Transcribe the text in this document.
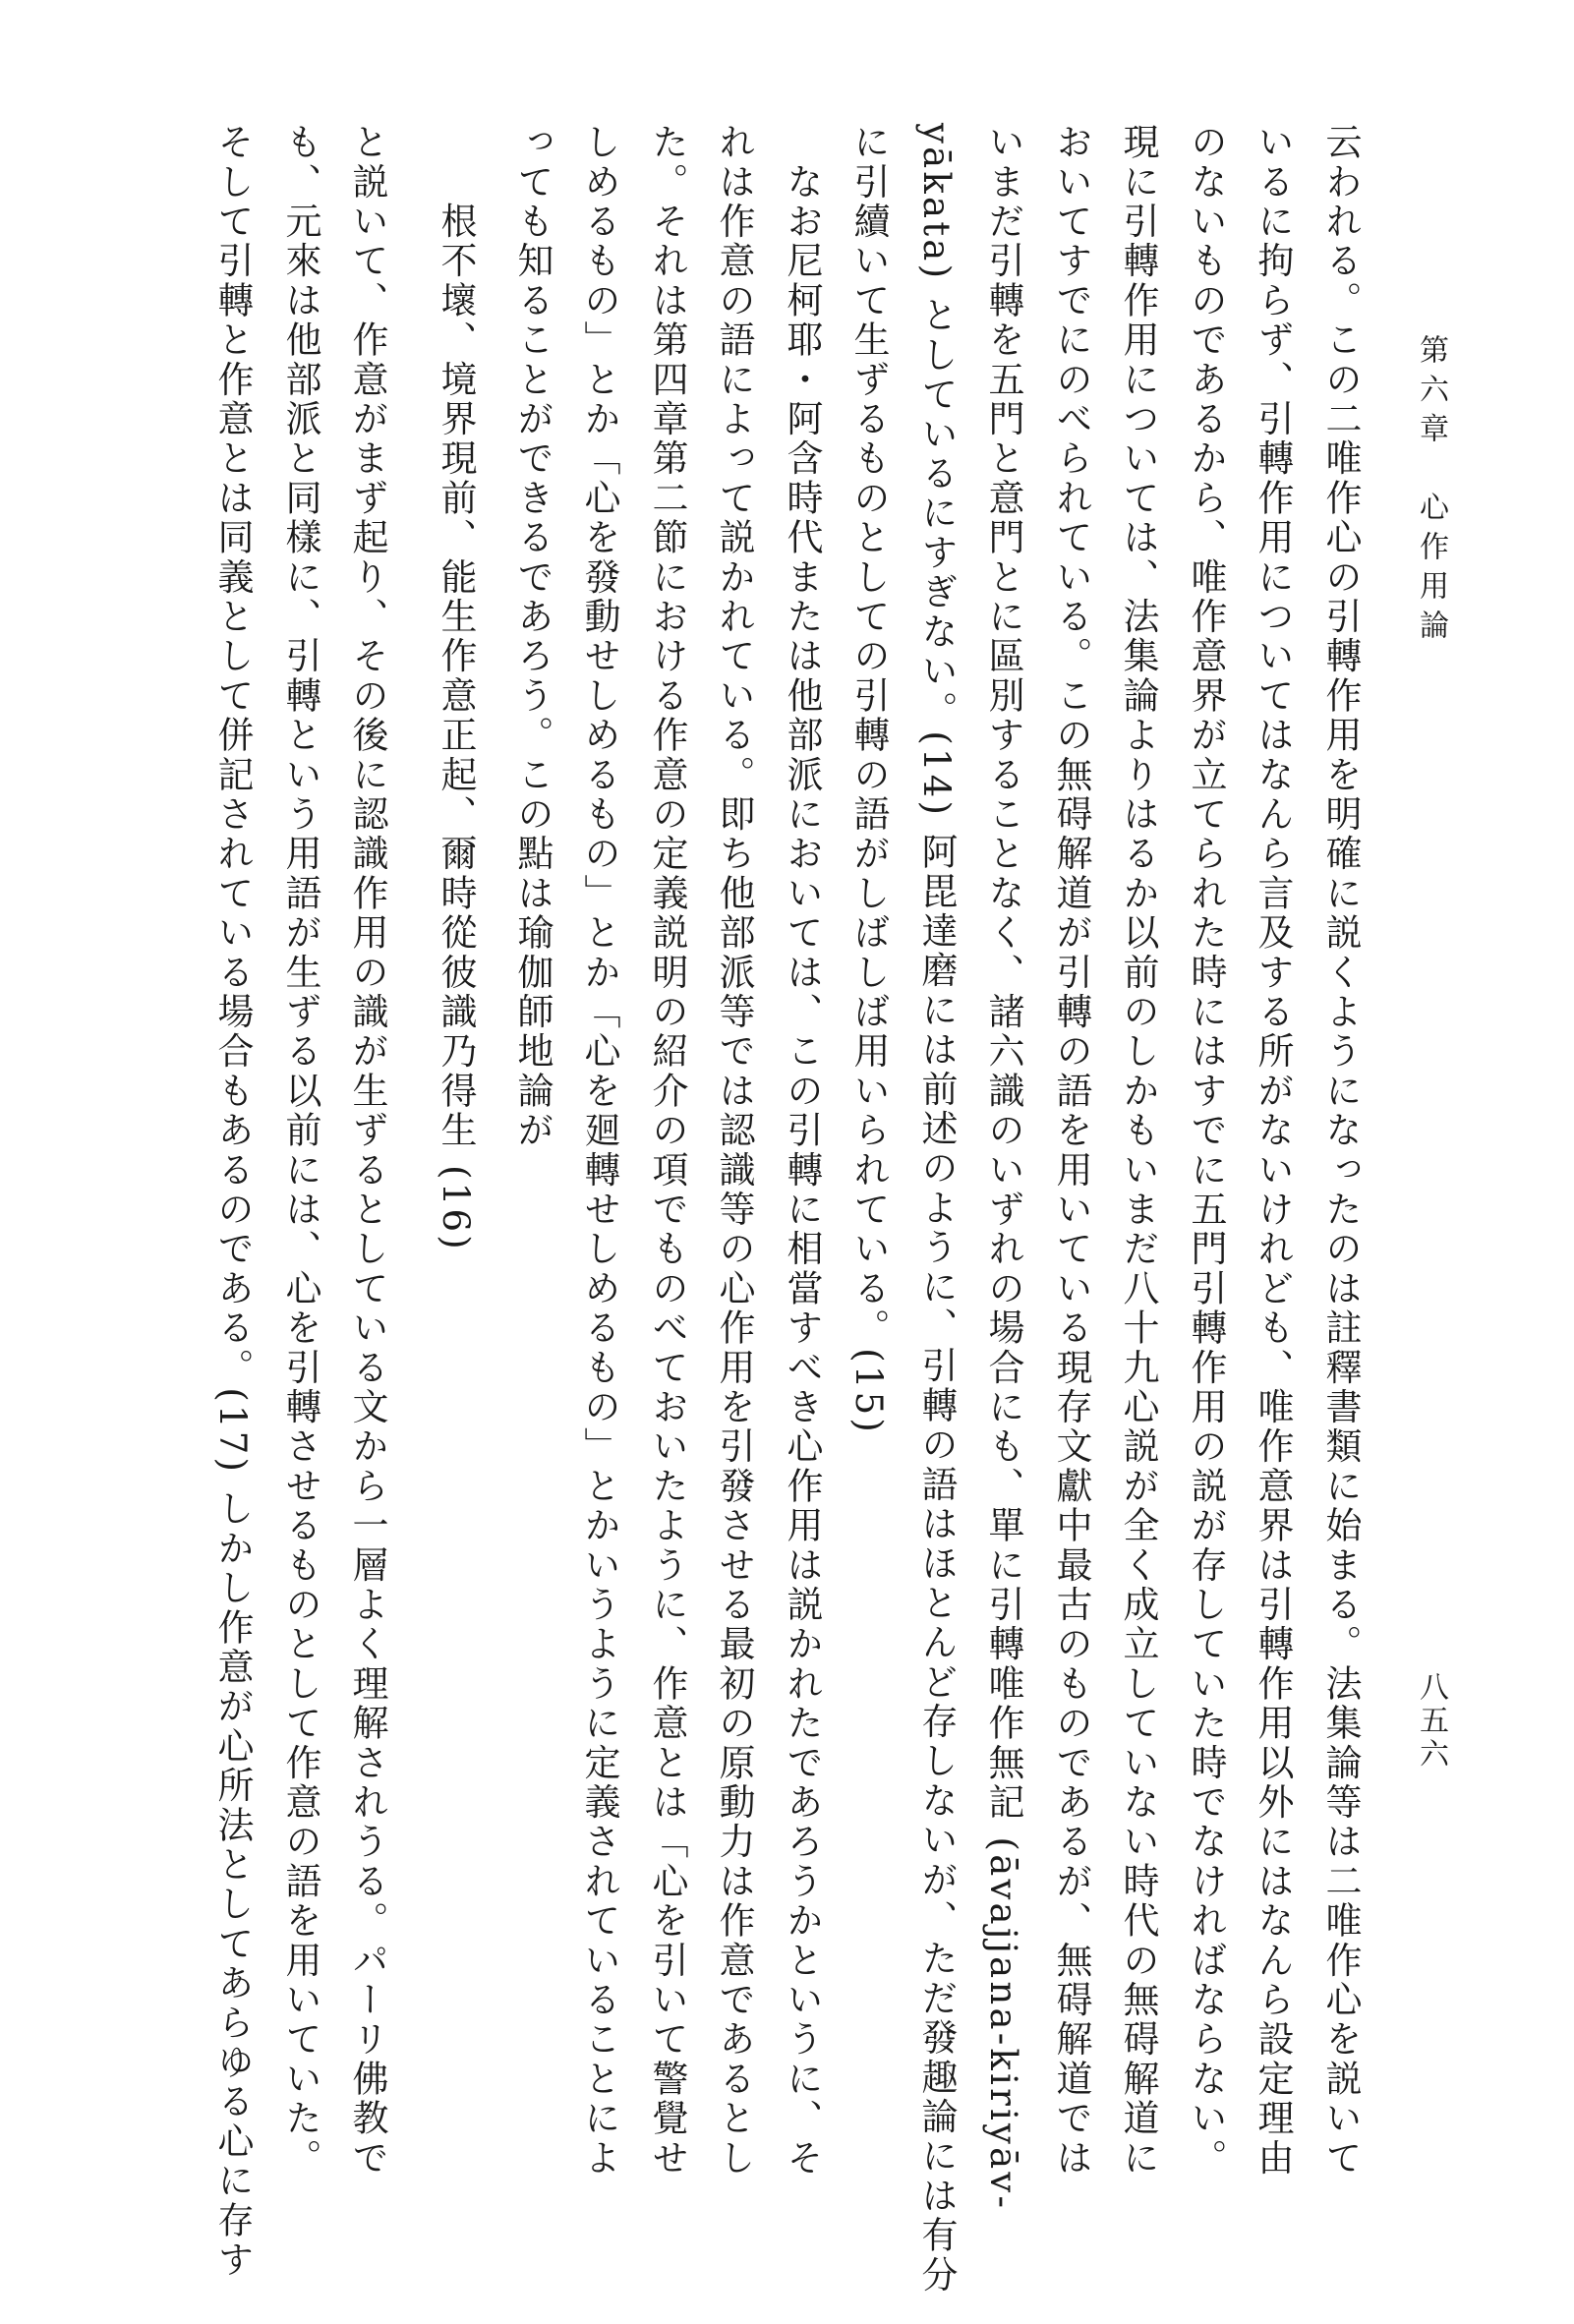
第六章　心作用論
八五六
云われる。この二唯作心の引轉作用を明確に説くようになったのは註釋書類に始まる。法集論等は二唯作心を説いて
いるに拘らず、引轉作用についてはなんら言及する所がないけれども、唯作意界は引轉作用以外にはなんら設定理由
のないものであるから、唯作意界が立てられた時にはすでに五門引轉作用の説が存していた時でなければならない。
現に引轉作用については、法集論よりはるか以前のしかもいまだ八十九心説が全く成立していない時代の無碍解道に
おいてすでにのべられている。この無碍解道が引轉の語を用いている現存文獻中最古のものであるが、無碍解道では
いまだ引轉を五門と意門とに區別することなく、諸六識のいずれの場合にも、單に引轉唯作無記 (āvajjana-kiriyāv-
yākata) としているにすぎない。(14) 阿毘達磨には前述のように、引轉の語はほとんど存しないが、ただ發趣論には有分
に引續いて生ずるものとしての引轉の語がしばしば用いられている。(15)
　なお尼柯耶・阿含時代または他部派においては、この引轉に相當すべき心作用は説かれたであろうかというに、そ
れは作意の語によって説かれている。即ち他部派等では認識等の心作用を引發させる最初の原動力は作意であるとし
た。それは第四章第二節における作意の定義説明の紹介の項でものべておいたように、作意とは「心を引いて警覺せ
しめるもの」とか「心を發動せしめるもの」とか「心を廻轉せしめるもの」とかいうように定義されていることによ
っても知ることができるであろう。この點は瑜伽師地論が
　　根不壞、境界現前、能生作意正起、爾時從彼識乃得生 (16)
と説いて、作意がまず起り、その後に認識作用の識が生ずるとしている文から一層よく理解されうる。パーリ佛教で
も、元來は他部派と同樣に、引轉という用語が生ずる以前には、心を引轉させるものとして作意の語を用いていた。
そして引轉と作意とは同義として併記されている場合もあるのである。(17) しかし作意が心所法としてあらゆる心に存す
